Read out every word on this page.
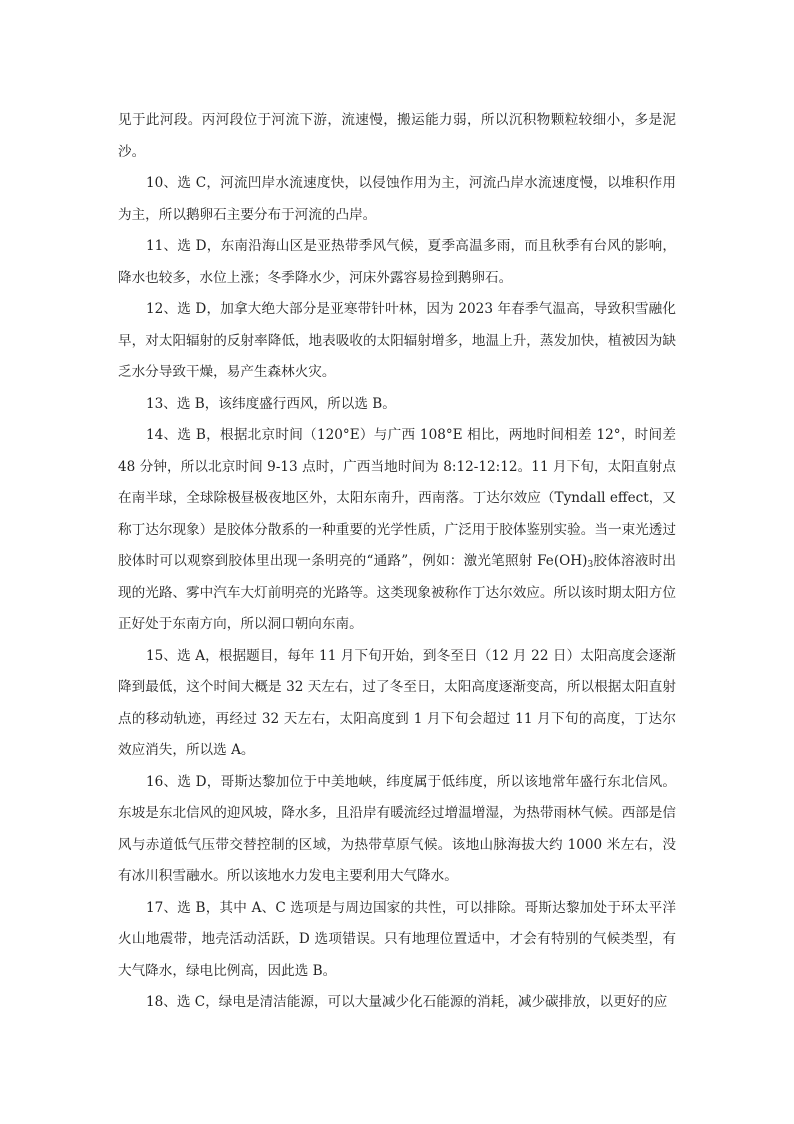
见于此河段。丙河段位于河流下游，流速慢，搬运能力弱，所以沉积物颗粒较细小，多是泥沙。

10、选 C，河流凹岸水流速度快，以侵蚀作用为主，河流凸岸水流速度慢，以堆积作用为主，所以鹅卵石主要分布于河流的凸岸。

11、选 D，东南沿海山区是亚热带季风气候，夏季高温多雨，而且秋季有台风的影响，降水也较多，水位上涨；冬季降水少，河床外露容易捡到鹅卵石。

12、选 D，加拿大绝大部分是亚寒带针叶林，因为 2023 年春季气温高，导致积雪融化早，对太阳辐射的反射率降低，地表吸收的太阳辐射增多，地温上升，蒸发加快，植被因为缺乏水分导致干燥，易产生森林火灾。

13、选 B，该纬度盛行西风，所以选 B。

14、选 B，根据北京时间（120°E）与广西 108°E 相比，两地时间相差 12°，时间差 48 分钟，所以北京时间 9-13 点时，广西当地时间为 8:12-12:12。11 月下旬，太阳直射点在南半球，全球除极昼极夜地区外，太阳东南升，西南落。丁达尔效应（Tyndall effect，又称丁达尔现象）是胶体分散系的一种重要的光学性质，广泛用于胶体鉴别实验。当一束光透过胶体时可以观察到胶体里出现一条明亮的“通路”，例如：激光笔照射 $Fe(OH)_3$胶体溶液时出现的光路、雾中汽车大灯前明亮的光路等。这类现象被称作丁达尔效应。所以该时期太阳方位正好处于东南方向，所以洞口朝向东南。

15、选 A，根据题目，每年 11 月下旬开始，到冬至日（12 月 22 日）太阳高度会逐渐降到最低，这个时间大概是 32 天左右，过了冬至日，太阳高度逐渐变高，所以根据太阳直射点的移动轨迹，再经过 32 天左右，太阳高度到 1 月下旬会超过 11 月下旬的高度，丁达尔效应消失，所以选 A。

16、选 D，哥斯达黎加位于中美地峡，纬度属于低纬度，所以该地常年盛行东北信风。东坡是东北信风的迎风坡，降水多，且沿岸有暖流经过增温增湿，为热带雨林气候。西部是信风与赤道低气压带交替控制的区域，为热带草原气候。该地山脉海拔大约 1000 米左右，没有冰川积雪融水。所以该地水力发电主要利用大气降水。

17、选 B，其中 A、C 选项是与周边国家的共性，可以排除。哥斯达黎加处于环太平洋火山地震带，地壳活动活跃，D 选项错误。只有地理位置适中，才会有特别的气候类型，有大气降水，绿电比例高，因此选 B。

18、选 C，绿电是清洁能源，可以大量减少化石能源的消耗，减少碳排放，以更好的应
